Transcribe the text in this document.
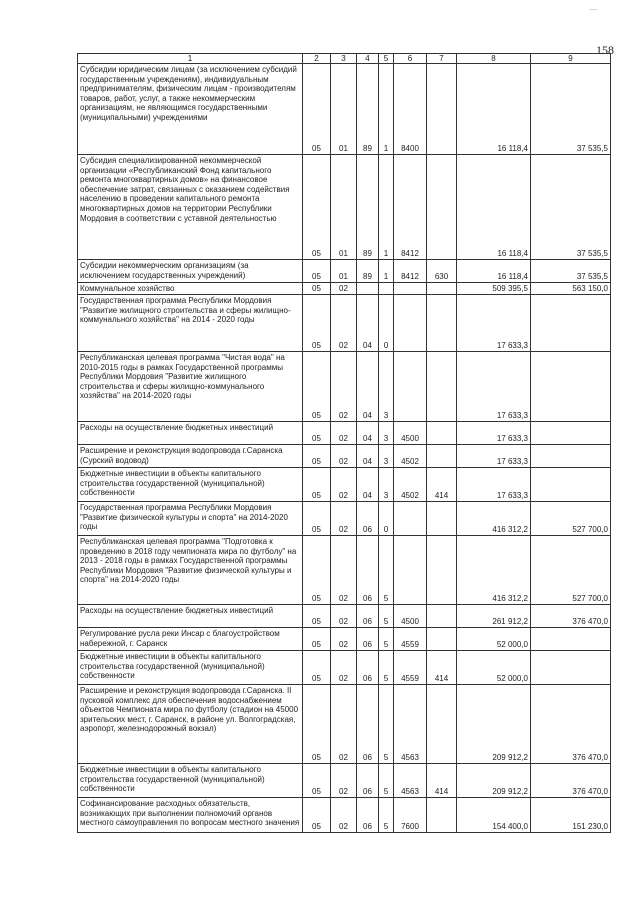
...
158
1	2	3	4	5	6	7	8	9
Субсидии юридическим лицам (за исключением субсидий государственным учреждениям), индивидуальным предпринимателям, физическим лицам - производителям товаров, работ, услуг, а также некоммерческим организациям, не являющимся государственными (муниципальными) учреждениями	05	01	89	1	8400		16 118,4	37 535,5
Субсидия специализированной некоммерческой организации «Республиканский Фонд капитального ремонта многоквартирных домов» на финансовое обеспечение затрат, связанных с оказанием содействия населению в проведении капитального ремонта многоквартирных домов на территории Республики Мордовия в соответствии с уставной деятельностью	05	01	89	1	8412		16 118,4	37 535,5
Субсидии некоммерческим организациям (за исключением государственных учреждений)	05	01	89	1	8412	630	16 118,4	37 535,5
Коммунальное хозяйство	05	02					509 395,5	563 150,0
Государственная программа Республики Мордовия "Развитие жилищного строительства и сферы жилищно-коммунального хозяйства" на 2014 - 2020 годы	05	02	04	0			17 633,3	
Республиканская целевая программа "Чистая вода" на 2010-2015 годы в рамках Государственной программы Республики Мордовия "Развитие жилищного строительства и сферы жилищно-коммунального хозяйства" на 2014-2020 годы	05	02	04	3			17 633,3	
Расходы на осуществление бюджетных инвестиций	05	02	04	3	4500		17 633,3	
Расширение и реконструкция водопровода г.Саранска (Сурский водовод)	05	02	04	3	4502		17 633,3	
Бюджетные инвестиции в объекты капитального строительства государственной (муниципальной) собственности	05	02	04	3	4502	414	17 633,3	
Государственная программа Республики Мордовия "Развитие физической культуры и спорта" на 2014-2020 годы	05	02	06	0			416 312,2	527 700,0
Республиканская целевая программа "Подготовка к проведению в 2018 году чемпионата мира по футболу" на 2013 - 2018 годы в рамках Государственной программы Республики Мордовия "Развитие физической культуры и спорта" на 2014-2020 годы	05	02	06	5			416 312,2	527 700,0
Расходы на осуществление бюджетных инвестиций	05	02	06	5	4500		261 912,2	376 470,0
Регулирование русла реки Инсар с благоустройством набережной, г. Саранск	05	02	06	5	4559		52 000,0	
Бюджетные инвестиции в объекты капитального строительства государственной (муниципальной) собственности	05	02	06	5	4559	414	52 000,0	
Расширение и реконструкция водопровода г.Саранска. II пусковой комплекс для обеспечения водоснабжением объектов Чемпионата мира по футболу (стадион на 45000 зрительских мест, г. Саранск, в районе ул. Волгоградская, аэропорт, железнодорожный вокзал)	05	02	06	5	4563		209 912,2	376 470,0
Бюджетные инвестиции в объекты капитального строительства государственной (муниципальной) собственности	05	02	06	5	4563	414	209 912,2	376 470,0
Софинансирование расходных обязательств, возникающих при выполнении полномочий органов местного самоуправления по вопросам местного значения	05	02	06	5	7600		154 400,0	151 230,0
